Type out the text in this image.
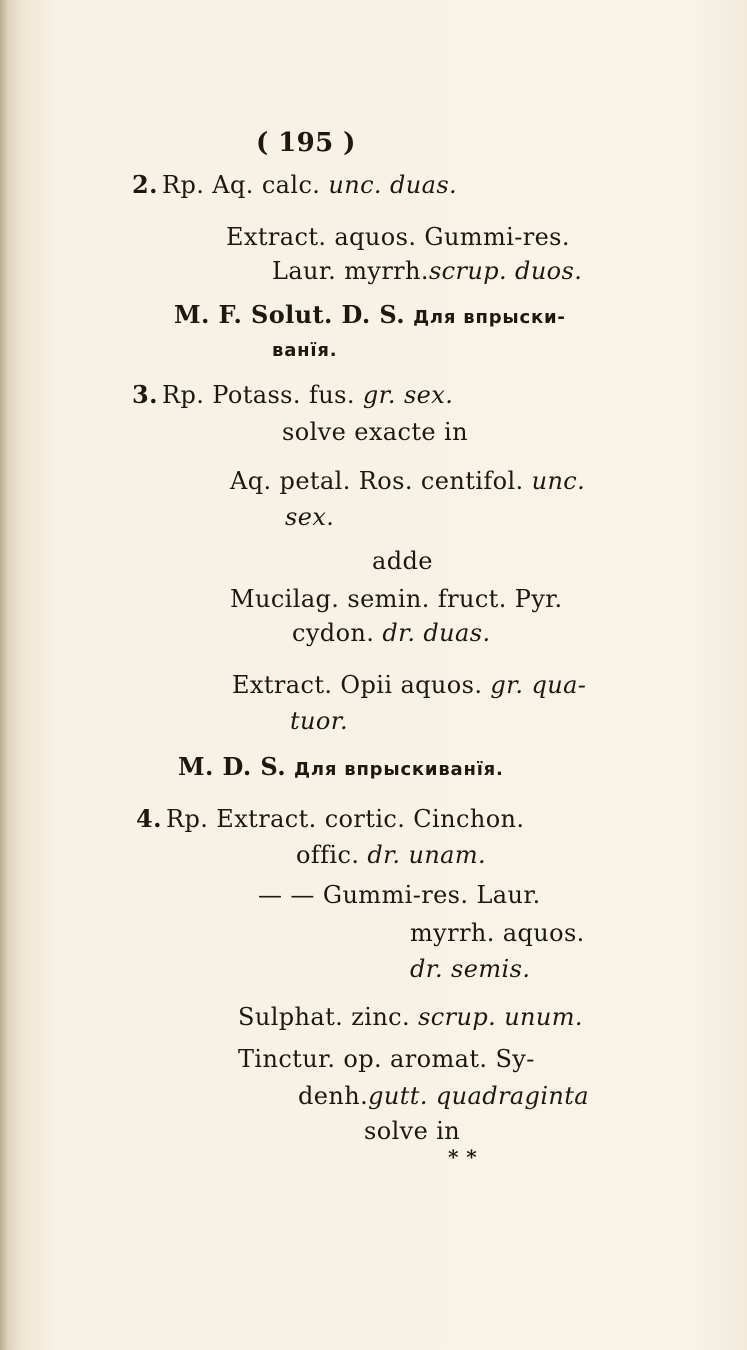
( 195 )
2. Rp. Aq. calc. unc. duas.
Extract. aquos. Gummi-res.
Laur. myrrh.scrup. duos.
M. F. Solut. D. S. Для впрыски-
ванїя.
3. Rp. Potass. fus. gr. sex.
solve exacte in
Aq. petal. Ros. centifol. unc.
sex.
adde
Mucilag. semin. fruct. Pyr.
cydon. dr. duas.
Extract. Opii aquos. gr. qua-
tuor.
M. D. S. Для впрыскиванїя.
4. Rp. Extract. cortic. Cinchon.
offic. dr. unam.
— — Gummi-res. Laur.
myrrh. aquos.
dr. semis.
Sulphat. zinc. scrup. unum.
Tinctur. op. aromat. Sy-
denh.gutt. quadraginta
solve in
* *
